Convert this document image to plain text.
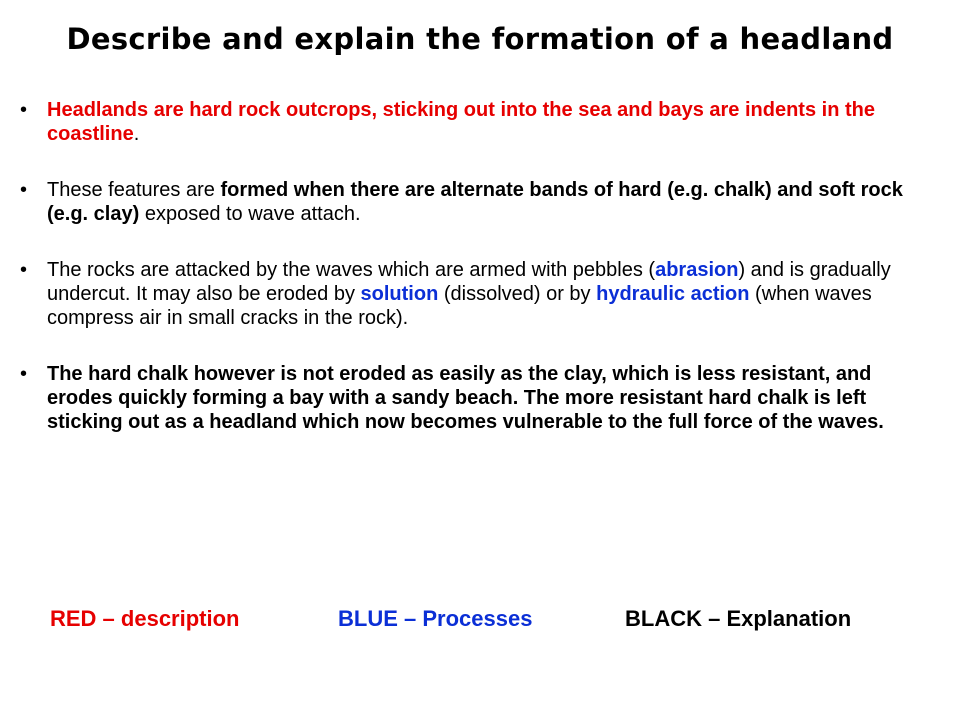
Describe and explain the formation of a headland
• Headlands are hard rock outcrops, sticking out into the sea and bays are indents in the coastline.
• These features are formed when there are alternate bands of hard (e.g. chalk) and soft rock (e.g. clay) exposed to wave attach.
• The rocks are attacked by the waves which are armed with pebbles (abrasion) and is gradually undercut. It may also be eroded by solution (dissolved) or by hydraulic action (when waves compress air in small cracks in the rock).
• The hard chalk however is not eroded as easily as the clay, which is less resistant, and erodes quickly forming a bay with a sandy beach. The more resistant hard chalk is left sticking out as a headland which now becomes vulnerable to the full force of the waves.
RED – description	BLUE – Processes	BLACK – Explanation
